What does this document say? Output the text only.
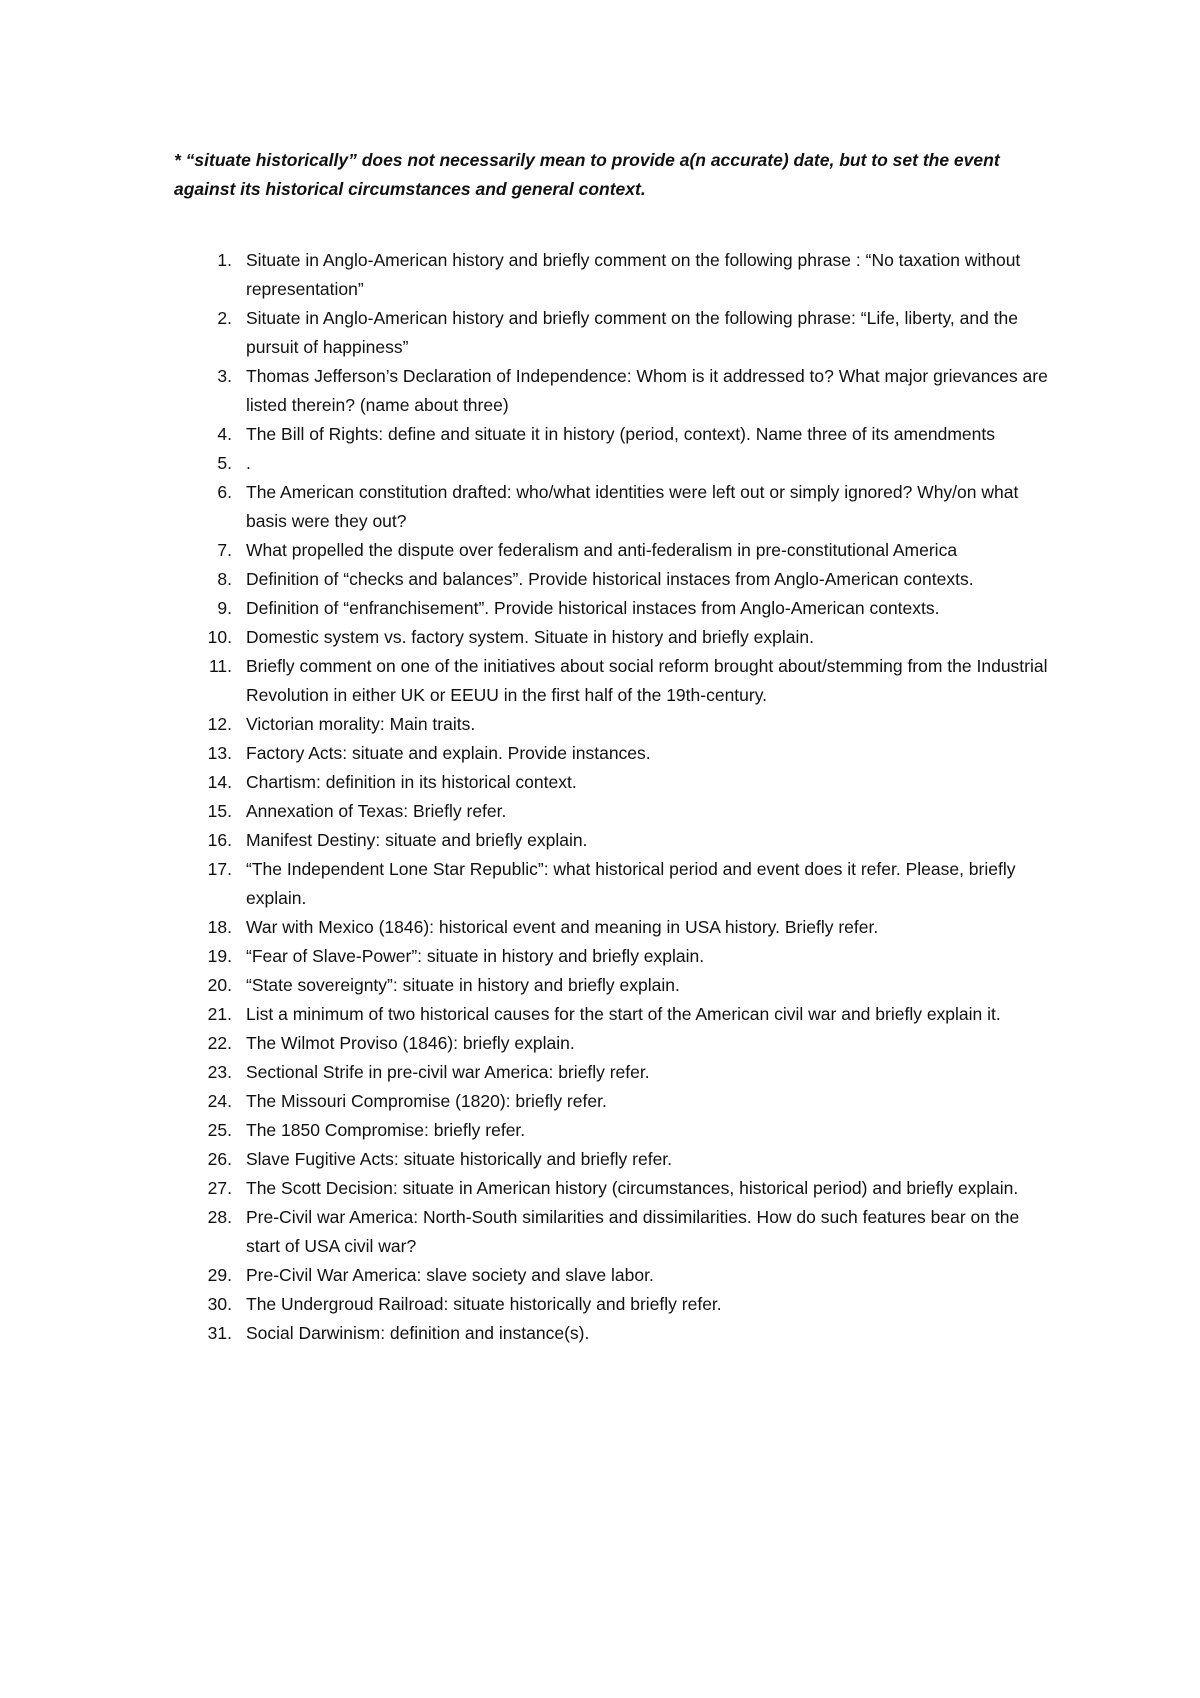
* “situate historically” does not necessarily mean to provide a(n accurate) date, but to set the event against its historical circumstances and general context.

1. Situate in Anglo-American history and briefly comment on the following phrase : “No taxation without representation”
2. Situate in Anglo-American history and briefly comment on the following phrase: “Life, liberty, and the pursuit of happiness”
3. Thomas Jefferson’s Declaration of Independence: Whom is it addressed to? What major grievances are listed therein? (name about three)
4. The Bill of Rights: define and situate it in history (period, context). Name three of its amendments
5. .
6. The American constitution drafted: who/what identities were left out or simply ignored? Why/on what basis were they out?
7. What propelled the dispute over federalism and anti-federalism in pre-constitutional America
8. Definition of “checks and balances”. Provide historical instaces from Anglo-American contexts.
9. Definition of “enfranchisement”. Provide historical instaces from Anglo-American contexts.
10. Domestic system vs. factory system. Situate in history and briefly explain.
11. Briefly comment on one of the initiatives about social reform brought about/stemming from the Industrial Revolution in either UK or EEUU in the first half of the 19th-century.
12. Victorian morality: Main traits.
13. Factory Acts: situate and explain. Provide instances.
14. Chartism: definition in its historical context.
15. Annexation of Texas: Briefly refer.
16. Manifest Destiny: situate and briefly explain.
17. “The Independent Lone Star Republic”: what historical period and event does it refer. Please, briefly explain.
18. War with Mexico (1846): historical event and meaning in USA history. Briefly refer.
19. “Fear of Slave-Power”: situate in history and briefly explain.
20. “State sovereignty”: situate in history and briefly explain.
21. List a minimum of two historical causes for the start of the American civil war and briefly explain it.
22. The Wilmot Proviso (1846): briefly explain.
23. Sectional Strife in pre-civil war America: briefly refer.
24. The Missouri Compromise (1820): briefly refer.
25. The 1850 Compromise: briefly refer.
26. Slave Fugitive Acts: situate historically and briefly refer.
27. The Scott Decision: situate in American history (circumstances, historical period) and briefly explain.
28. Pre-Civil war America: North-South similarities and dissimilarities. How do such features bear on the start of USA civil war?
29. Pre-Civil War America: slave society and slave labor.
30. The Undergroud Railroad: situate historically and briefly refer.
31. Social Darwinism: definition and instance(s).
